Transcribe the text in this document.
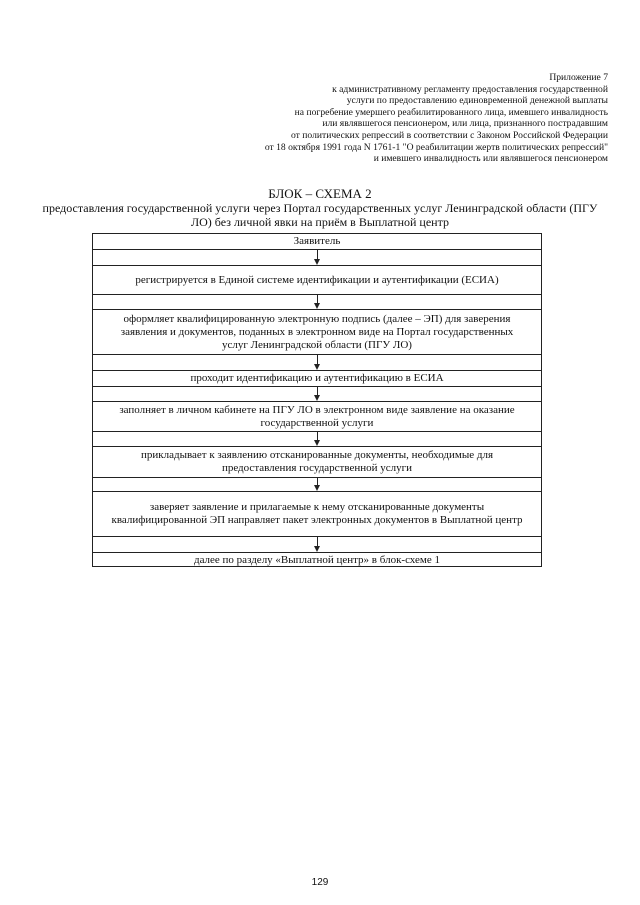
Приложение 7
к административному регламенту предоставления государственной
услуги по предоставлению единовременной денежной выплаты
на погребение умершего реабилитированного лица, имевшего инвалидность
или являвшегося пенсионером, или лица, признанного пострадавшим
от политических репрессий в соответствии с Законом Российской Федерации
от 18 октября 1991 года N 1761-1 "О реабилитации жертв политических репрессий"
и имевшего инвалидность или являвшегося пенсионером
БЛОК – СХЕМА 2
предоставления государственной услуги через Портал государственных услуг Ленинградской области (ПГУ ЛО) без личной явки на приём в Выплатной центр
Заявитель
регистрируется в Единой системе идентификации и аутентификации (ЕСИА)
оформляет квалифицированную электронную подпись (далее – ЭП) для заверения заявления и документов, поданных в электронном виде на Портал государственных услуг Ленинградской области (ПГУ ЛО)
проходит идентификацию и аутентификацию в ЕСИА
заполняет в личном кабинете на ПГУ ЛО в электронном виде заявление на оказание государственной услуги
прикладывает к заявлению отсканированные документы, необходимые для предоставления государственной услуги
заверяет заявление и прилагаемые к нему отсканированные документы квалифицированной ЭП направляет пакет электронных документов в Выплатной центр
далее по разделу «Выплатной центр» в блок-схеме 1
129
